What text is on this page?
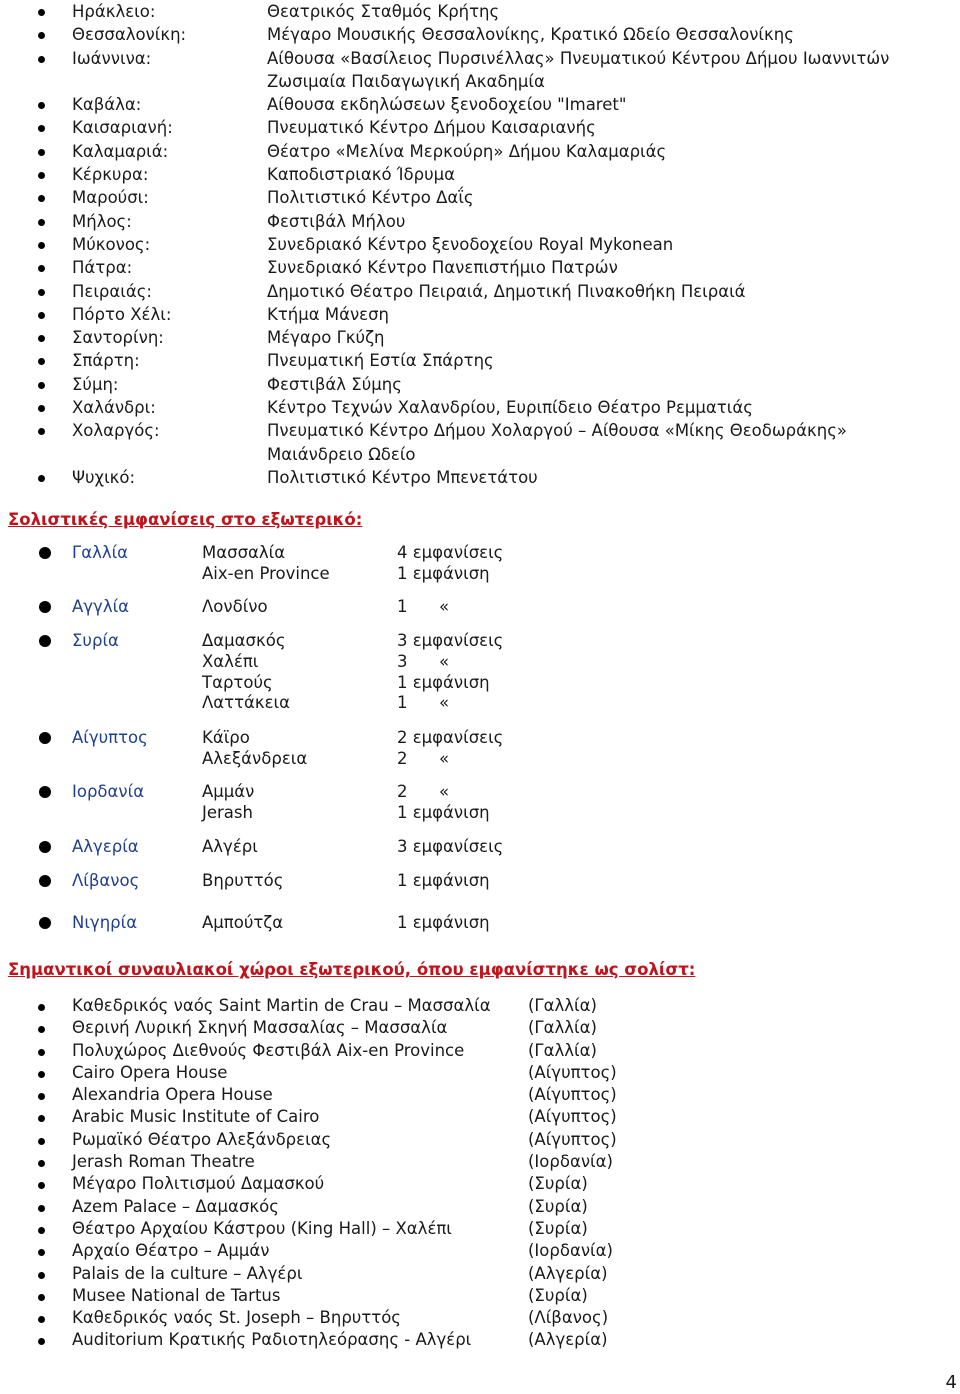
Ηράκλειο:	Θεατρικός Σταθμός Κρήτης
Θεσσαλονίκη:	Μέγαρο Μουσικής Θεσσαλονίκης, Κρατικό Ωδείο Θεσσαλονίκης
Ιωάννινα:	Αίθουσα «Βασίλειος Πυρσινέλλας» Πνευματικού Κέντρου Δήμου Ιωαννιτών
Ζωσιμαία Παιδαγωγική Ακαδημία
Καβάλα:	Αίθουσα εκδηλώσεων ξενοδοχείου "Imaret"
Καισαριανή:	Πνευματικό Κέντρο Δήμου Καισαριανής
Καλαμαριά:	Θέατρο «Μελίνα Μερκούρη» Δήμου Καλαμαριάς
Κέρκυρα:	Καποδιστριακό Ίδρυμα
Μαρούσι:	Πολιτιστικό Κέντρο Δαΐς
Μήλος:	Φεστιβάλ Μήλου
Μύκονος:	Συνεδριακό Κέντρο ξενοδοχείου Royal Mykonean
Πάτρα:	Συνεδριακό Κέντρο Πανεπιστήμιο Πατρών
Πειραιάς:	Δημοτικό Θέατρο Πειραιά, Δημοτική Πινακοθήκη Πειραιά
Πόρτο Χέλι:	Κτήμα Μάνεση
Σαντορίνη:	Μέγαρο Γκύζη
Σπάρτη:	Πνευματική Εστία Σπάρτης
Σύμη:	Φεστιβάλ Σύμης
Χαλάνδρι:	Κέντρο Τεχνών Χαλανδρίου, Ευριπίδειο Θέατρο Ρεμματιάς
Χολαργός:	Πνευματικό Κέντρο Δήμου Χολαργού – Αίθουσα «Μίκης Θεοδωράκης»
Μαιάνδρειο Ωδείο
Ψυχικό:	Πολιτιστικό Κέντρο Μπενετάτου
Σολιστικές εμφανίσεις στο εξωτερικό:
Γαλλία	Μασσαλία	4 εμφανίσεις
Aix-en Province	1 εμφάνιση
Αγγλία	Λονδίνο	1      «
Συρία	Δαμασκός	3 εμφανίσεις
Χαλέπι	3      «
Ταρτούς	1 εμφάνιση
Λαττάκεια	1      «
Αίγυπτος	Κάϊρο	2 εμφανίσεις
Αλεξάνδρεια	2      «
Ιορδανία	Αμμάν	2      «
Jerash	1 εμφάνιση
Αλγερία	Αλγέρι	3 εμφανίσεις
Λίβανος	Βηρυττός	1 εμφάνιση
Νιγηρία	Αμπούτζα	1 εμφάνιση
Σημαντικοί συναυλιακοί χώροι εξωτερικού, όπου εμφανίστηκε ως σολίστ:
Καθεδρικός ναός Saint Martin de Crau – Μασσαλία (Γαλλία)
Θερινή Λυρική Σκηνή Μασσαλίας – Μασσαλία	(Γαλλία)
Πολυχώρος Διεθνούς Φεστιβάλ Aix-en Province	(Γαλλία)
Cairo Opera House	(Αίγυπτος)
Alexandria Opera House	(Αίγυπτος)
Arabic Music Institute of Cairo	(Αίγυπτος)
Ρωμαϊκό Θέατρο Αλεξάνδρειας	(Αίγυπτος)
Jerash Roman Theatre	(Ιορδανία)
Μέγαρο Πολιτισμού Δαμασκού	(Συρία)
Azem Palace – Δαμασκός	(Συρία)
Θέατρο Αρχαίου Κάστρου (King Hall) – Χαλέπι	(Συρία)
Αρχαίο Θέατρο – Αμμάν	(Ιορδανία)
Palais de la culture – Αλγέρι	(Αλγερία)
Musee National de Tartus	(Συρία)
Καθεδρικός ναός St. Joseph – Βηρυττός	(Λίβανος)
Auditorium Κρατικής Ραδιοτηλεόρασης - Αλγέρι	(Αλγερία)
4
